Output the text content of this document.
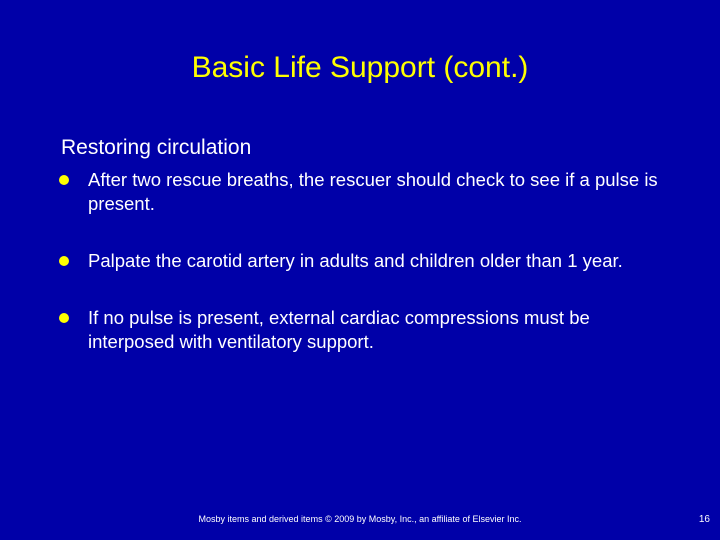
Basic Life Support (cont.)
Restoring circulation
After two rescue breaths, the rescuer should check to see if a pulse is present.
Palpate the carotid artery in adults and children older than 1 year.
If no pulse is present, external cardiac compressions must be interposed with ventilatory support.
Mosby items and derived items © 2009 by Mosby, Inc., an affiliate of Elsevier Inc.	16
